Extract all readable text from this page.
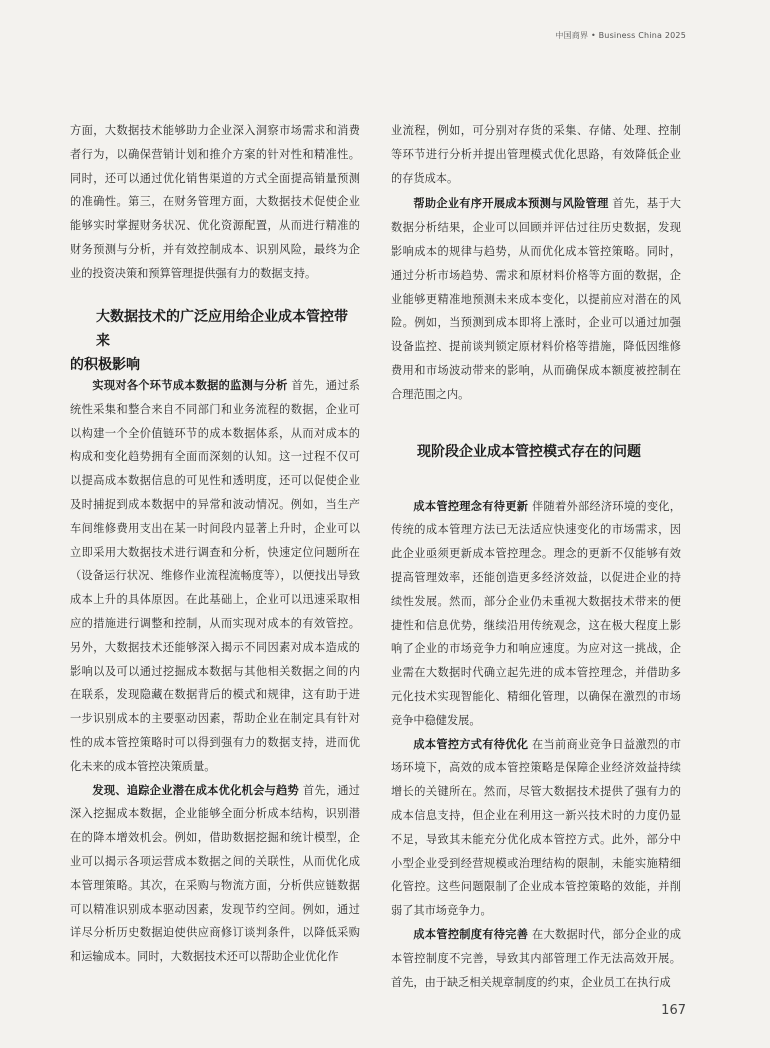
中国商界 • Business China 2025

方面，大数据技术能够助力企业深入洞察市场需求和消费者行为，以确保营销计划和推介方案的针对性和精准性。同时，还可以通过优化销售渠道的方式全面提高销量预测的准确性。第三，在财务管理方面，大数据技术促使企业能够实时掌握财务状况、优化资源配置，从而进行精准的财务预测与分析，并有效控制成本、识别风险，最终为企业的投资决策和预算管理提供强有力的数据支持。

大数据技术的广泛应用给企业成本管控带来
的积极影响

实现对各个环节成本数据的监测与分析 首先，通过系统性采集和整合来自不同部门和业务流程的数据，企业可以构建一个全价值链环节的成本数据体系，从而对成本的构成和变化趋势拥有全面而深刻的认知。这一过程不仅可以提高成本数据信息的可见性和透明度，还可以促使企业及时捕捉到成本数据中的异常和波动情况。例如，当生产车间维修费用支出在某一时间段内显著上升时，企业可以立即采用大数据技术进行调查和分析，快速定位问题所在（设备运行状况、维修作业流程流畅度等），以便找出导致成本上升的具体原因。在此基础上，企业可以迅速采取相应的措施进行调整和控制，从而实现对成本的有效管控。另外，大数据技术还能够深入揭示不同因素对成本造成的影响以及可以通过挖掘成本数据与其他相关数据之间的内在联系，发现隐藏在数据背后的模式和规律，这有助于进一步识别成本的主要驱动因素，帮助企业在制定具有针对性的成本管控策略时可以得到强有力的数据支持，进而优化未来的成本管控决策质量。

发现、追踪企业潜在成本优化机会与趋势 首先，通过深入挖掘成本数据，企业能够全面分析成本结构，识别潜在的降本增效机会。例如，借助数据挖掘和统计模型，企业可以揭示各项运营成本数据之间的关联性，从而优化成本管理策略。其次，在采购与物流方面，分析供应链数据可以精准识别成本驱动因素，发现节约空间。例如，通过详尽分析历史数据迫使供应商修订谈判条件，以降低采购和运输成本。同时，大数据技术还可以帮助企业优化作

业流程，例如，可分别对存货的采集、存储、处理、控制等环节进行分析并提出管理模式优化思路，有效降低企业的存货成本。

帮助企业有序开展成本预测与风险管理 首先，基于大数据分析结果，企业可以回顾并评估过往历史数据，发现影响成本的规律与趋势，从而优化成本管控策略。同时，通过分析市场趋势、需求和原材料价格等方面的数据，企业能够更精准地预测未来成本变化，以提前应对潜在的风险。例如，当预测到成本即将上涨时，企业可以通过加强设备监控、提前谈判锁定原材料价格等措施，降低因维修费用和市场波动带来的影响，从而确保成本额度被控制在合理范围之内。

现阶段企业成本管控模式存在的问题

成本管控理念有待更新 伴随着外部经济环境的变化，传统的成本管理方法已无法适应快速变化的市场需求，因此企业亟须更新成本管控理念。理念的更新不仅能够有效提高管理效率，还能创造更多经济效益，以促进企业的持续性发展。然而，部分企业仍未重视大数据技术带来的便捷性和信息优势，继续沿用传统观念，这在极大程度上影响了企业的市场竞争力和响应速度。为应对这一挑战，企业需在大数据时代确立起先进的成本管控理念，并借助多元化技术实现智能化、精细化管理，以确保在激烈的市场竞争中稳健发展。

成本管控方式有待优化 在当前商业竞争日益激烈的市场环境下，高效的成本管控策略是保障企业经济效益持续增长的关键所在。然而，尽管大数据技术提供了强有力的成本信息支持，但企业在利用这一新兴技术时的力度仍显不足，导致其未能充分优化成本管控方式。此外，部分中小型企业受到经营规模或治理结构的限制，未能实施精细化管控。这些问题限制了企业成本管控策略的效能，并削弱了其市场竞争力。

成本管控制度有待完善 在大数据时代，部分企业的成本管控制度不完善，导致其内部管理工作无法高效开展。首先，由于缺乏相关规章制度的约束，企业员工在执行成

167
